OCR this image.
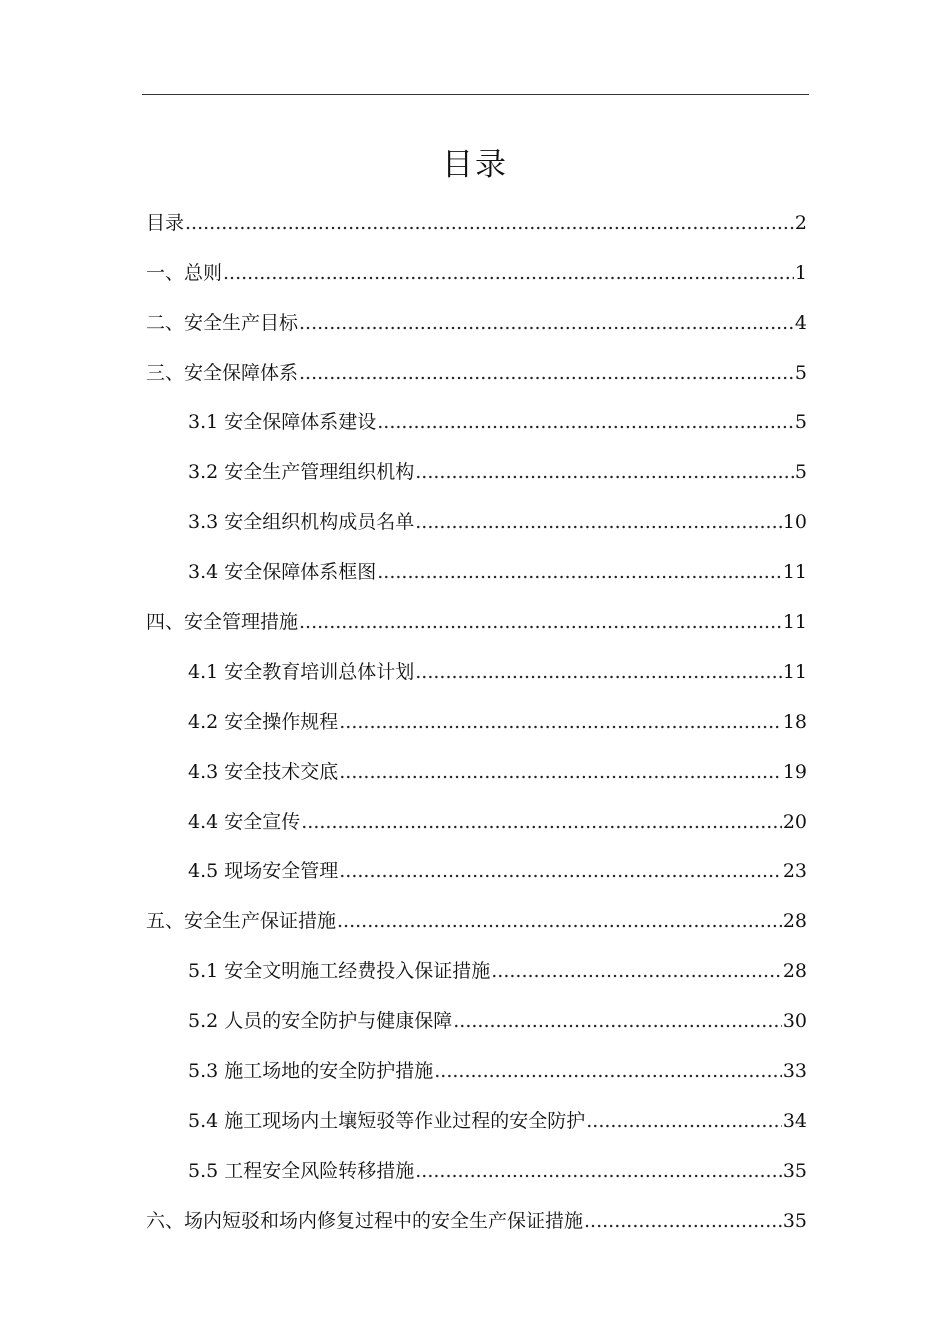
目录
目录 .....	2
一、总则 .....	1
二、安全生产目标 .....	4
三、安全保障体系 .....	5
3.1 安全保障体系建设 .....	5
3.2 安全生产管理组织机构 .....	5
3.3 安全组织机构成员名单 .....	10
3.4 安全保障体系框图 .....	11
四、安全管理措施 .....	11
4.1 安全教育培训总体计划 .....	11
4.2 安全操作规程 .....	18
4.3 安全技术交底 .....	19
4.4 安全宣传 .....	20
4.5 现场安全管理 .....	23
五、安全生产保证措施 .....	28
5.1 安全文明施工经费投入保证措施 .....	28
5.2 人员的安全防护与健康保障 .....	30
5.3 施工场地的安全防护措施 .....	33
5.4 施工现场内土壤短驳等作业过程的安全防护 .....	34
5.5 工程安全风险转移措施 .....	35
六、场内短驳和场内修复过程中的安全生产保证措施 .....	35
